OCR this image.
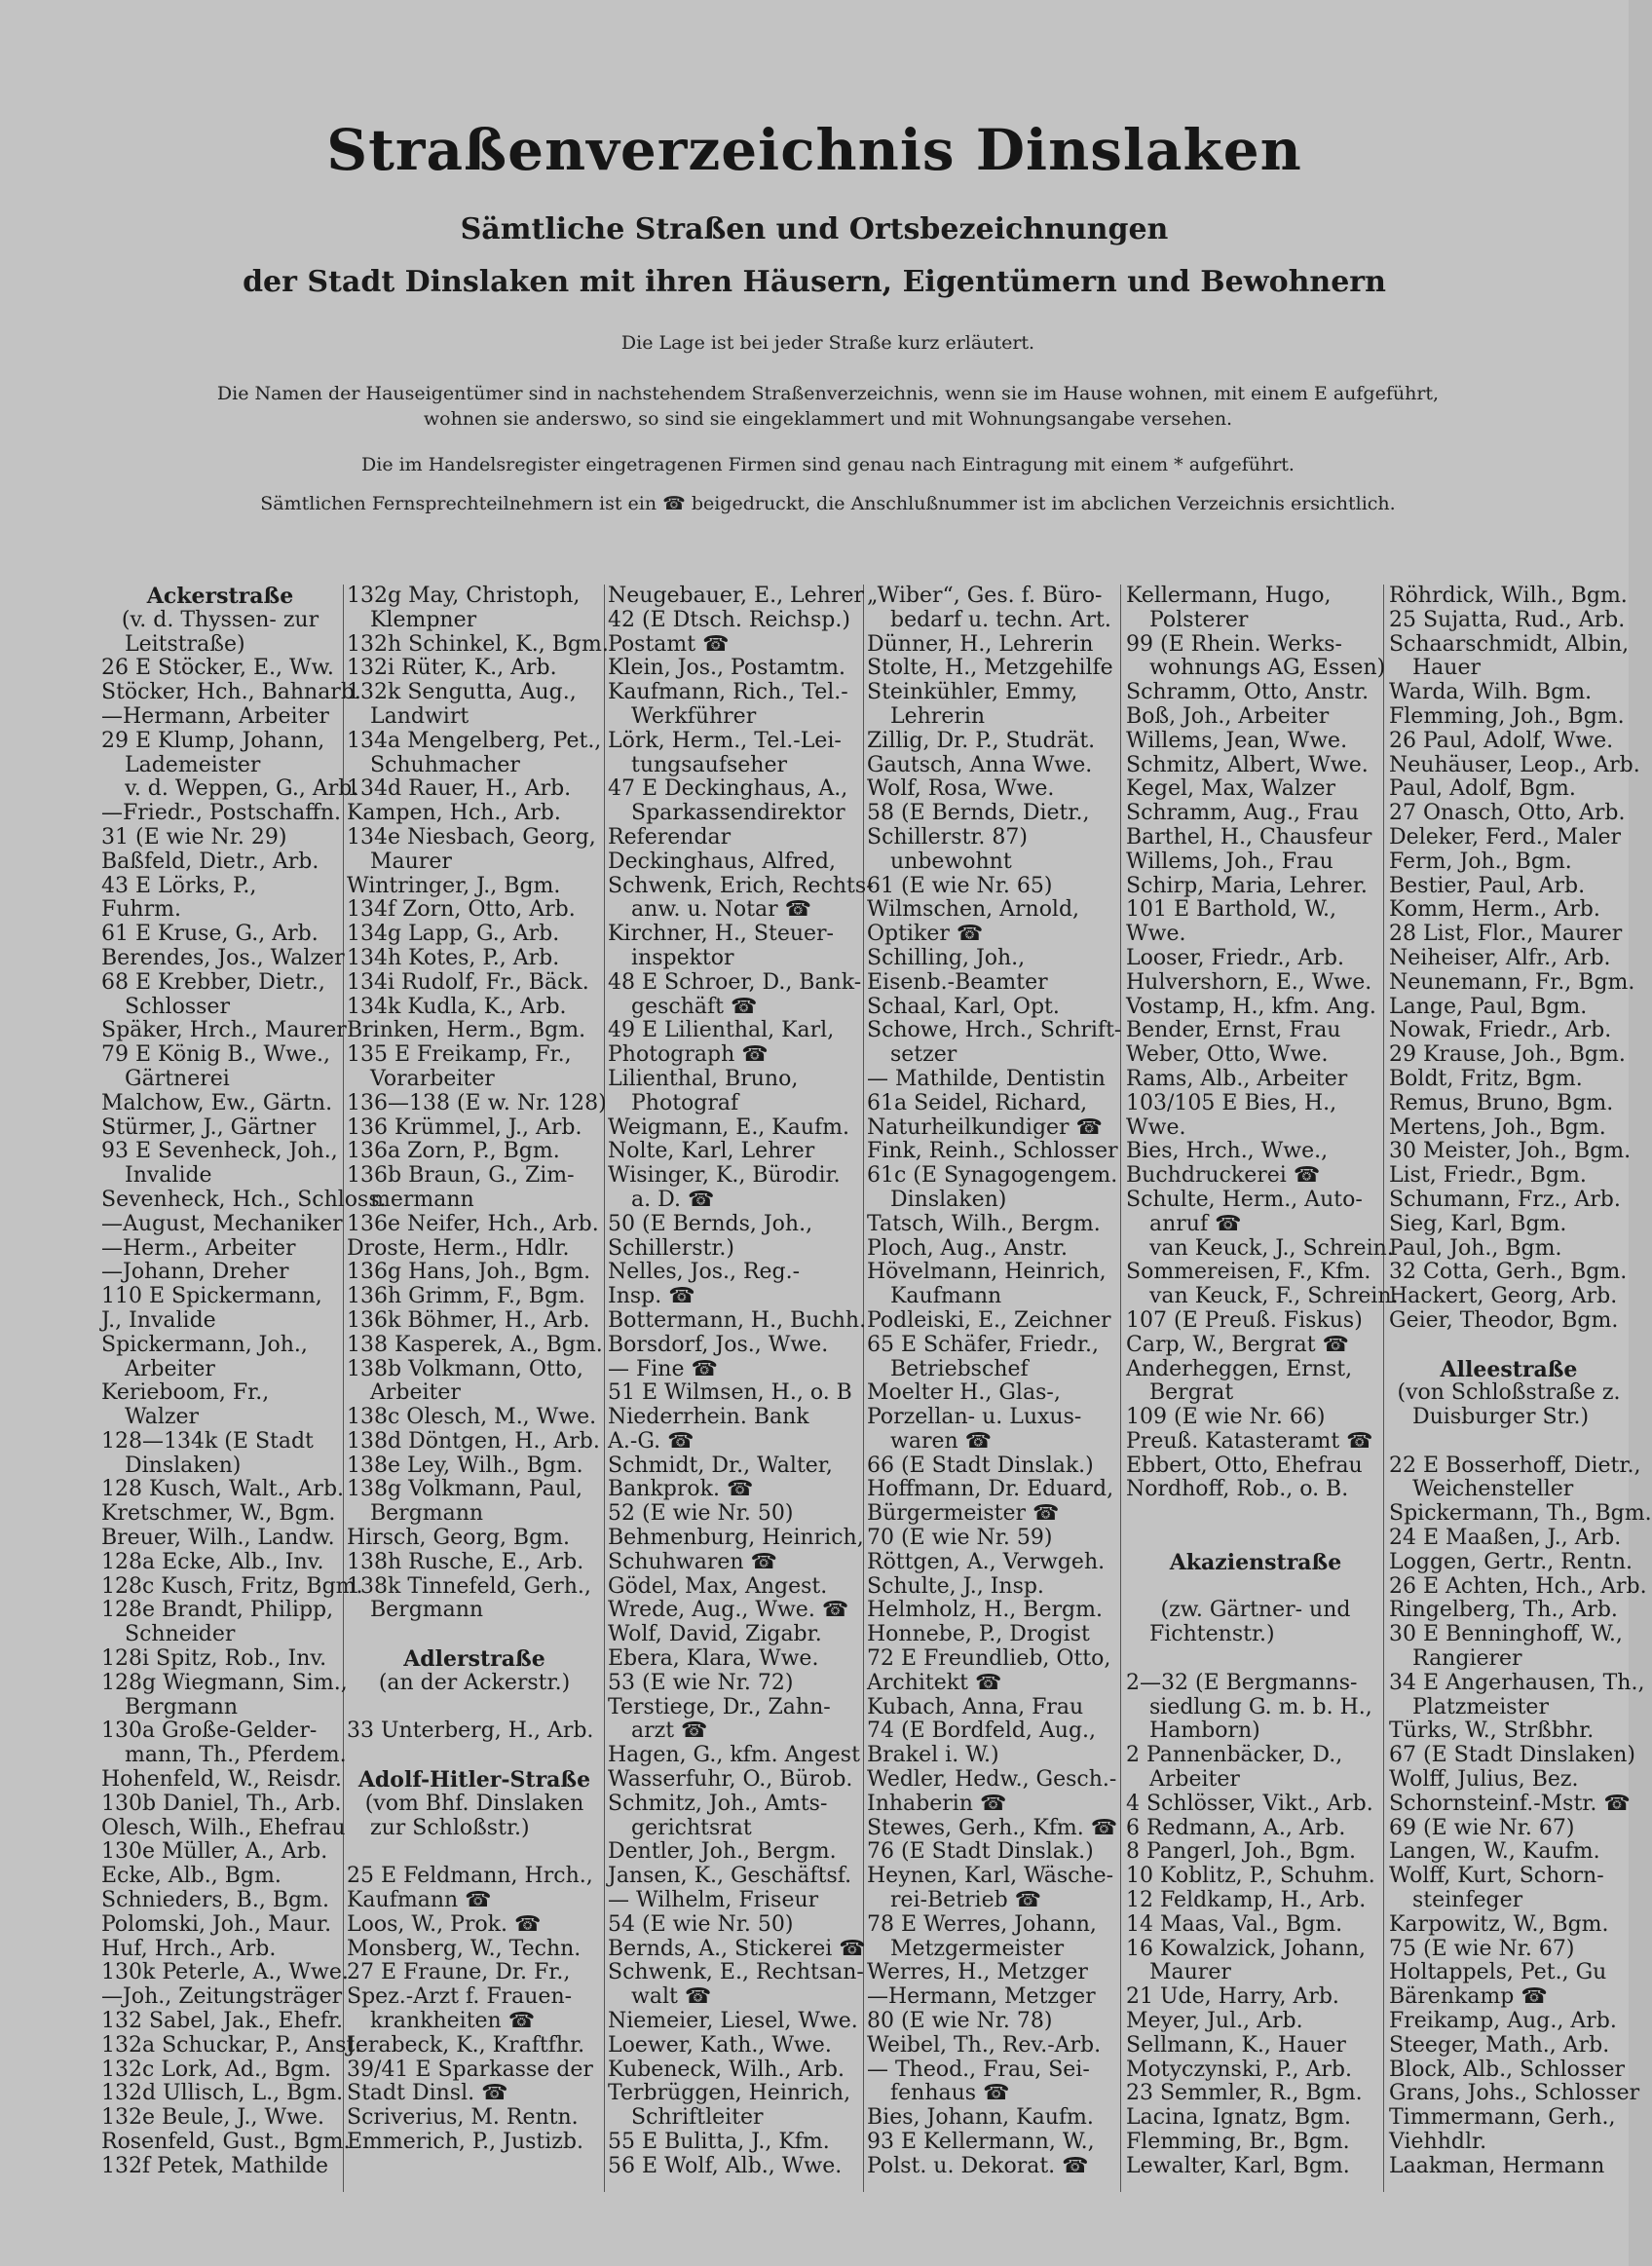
Straßenverzeichnis Dinslaken
Sämtliche Straßen und Ortsbezeichnungen
der Stadt Dinslaken mit ihren Häusern, Eigentümern und Bewohnern
Die Lage ist bei jeder Straße kurz erläutert.
Die Namen der Hauseigentümer sind in nachstehendem Straßenverzeichnis, wenn sie im Hause wohnen, mit einem E aufgeführt,
wohnen sie anderswo, so sind sie eingeklammert und mit Wohnungsangabe versehen.
Die im Handelsregister eingetragenen Firmen sind genau nach Eintragung mit einem * aufgeführt.
Sämtlichen Fernsprechteilnehmern ist ein ☎ beigedruckt, die Anschlußnummer ist im abclichen Verzeichnis ersichtlich.
Ackerstraße
(v. d. Thyssen- zur
Leitstraße)
26 E Stöcker, E., Ww.
Stöcker, Hch., Bahnarb.
—Hermann, Arbeiter
29 E Klump, Johann,
Lademeister
v. d. Weppen, G., Arb.
—Friedr., Postschaffn.
31 (E wie Nr. 29)
Baßfeld, Dietr., Arb.
43 E Lörks, P.,
Fuhrm.
61 E Kruse, G., Arb.
Berendes, Jos., Walzer
68 E Krebber, Dietr.,
Schlosser
Späker, Hrch., Maurer
79 E König B., Wwe.,
Gärtnerei
Malchow, Ew., Gärtn.
Stürmer, J., Gärtner
93 E Sevenheck, Joh.,
Invalide
Sevenheck, Hch., Schloss.
—August, Mechaniker
—Herm., Arbeiter
—Johann, Dreher
110 E Spickermann,
J., Invalide
Spickermann, Joh.,
Arbeiter
Kerieboom, Fr.,
Walzer
128—134k (E Stadt
Dinslaken)
128 Kusch, Walt., Arb.
Kretschmer, W., Bgm.
Breuer, Wilh., Landw.
128a Ecke, Alb., Inv.
128c Kusch, Fritz, Bgm.
128e Brandt, Philipp,
Schneider
128i Spitz, Rob., Inv.
128g Wiegmann, Sim.,
Bergmann
130a Große-Gelder-
mann, Th., Pferdem.
Hohenfeld, W., Reisdr.
130b Daniel, Th., Arb.
Olesch, Wilh., Ehefrau
130e Müller, A., Arb.
Ecke, Alb., Bgm.
Schnieders, B., Bgm.
Polomski, Joh., Maur.
Huf, Hrch., Arb.
130k Peterle, A., Wwe.
—Joh., Zeitungsträger
132 Sabel, Jak., Ehefr.
132a Schuckar, P., Anst.
132c Lork, Ad., Bgm.
132d Ullisch, L., Bgm.
132e Beule, J., Wwe.
Rosenfeld, Gust., Bgm.
132f Petek, Mathilde
132g May, Christoph,
Klempner
132h Schinkel, K., Bgm.
132i Rüter, K., Arb.
132k Sengutta, Aug.,
Landwirt
134a Mengelberg, Pet.,
Schuhmacher
134d Rauer, H., Arb.
Kampen, Hch., Arb.
134e Niesbach, Georg,
Maurer
Wintringer, J., Bgm.
134f Zorn, Otto, Arb.
134g Lapp, G., Arb.
134h Kotes, P., Arb.
134i Rudolf, Fr., Bäck.
134k Kudla, K., Arb.
Brinken, Herm., Bgm.
135 E Freikamp, Fr.,
Vorarbeiter
136—138 (E w. Nr. 128)
136 Krümmel, J., Arb.
136a Zorn, P., Bgm.
136b Braun, G., Zim-
mermann
136e Neifer, Hch., Arb.
Droste, Herm., Hdlr.
136g Hans, Joh., Bgm.
136h Grimm, F., Bgm.
136k Böhmer, H., Arb.
138 Kasperek, A., Bgm.
138b Volkmann, Otto,
Arbeiter
138c Olesch, M., Wwe.
138d Döntgen, H., Arb.
138e Ley, Wilh., Bgm.
138g Volkmann, Paul,
Bergmann
Hirsch, Georg, Bgm.
138h Rusche, E., Arb.
138k Tinnefeld, Gerh.,
Bergmann
Adlerstraße
(an der Ackerstr.)
33 Unterberg, H., Arb.
Adolf-Hitler-Straße
(vom Bhf. Dinslaken
zur Schloßstr.)
25 E Feldmann, Hrch.,
Kaufmann ☎
Loos, W., Prok. ☎
Monsberg, W., Techn.
27 E Fraune, Dr. Fr.,
Spez.-Arzt f. Frauen-
krankheiten ☎
Jerabeck, K., Kraftfhr.
39/41 E Sparkasse der
Stadt Dinsl. ☎
Scriverius, M. Rentn.
Emmerich, P., Justizb.
Neugebauer, E., Lehrer
42 (E Dtsch. Reichsp.)
Postamt ☎
Klein, Jos., Postamtm.
Kaufmann, Rich., Tel.-
Werkführer
Lörk, Herm., Tel.-Lei-
tungsaufseher
47 E Deckinghaus, A.,
Sparkassendirektor
Referendar
Deckinghaus, Alfred,
Schwenk, Erich, Rechts-
anw. u. Notar ☎
Kirchner, H., Steuer-
inspektor
48 E Schroer, D., Bank-
geschäft ☎
49 E Lilienthal, Karl,
Photograph ☎
Lilienthal, Bruno,
Photograf
Weigmann, E., Kaufm.
Nolte, Karl, Lehrer
Wisinger, K., Bürodir.
a. D. ☎
50 (E Bernds, Joh.,
Schillerstr.)
Nelles, Jos., Reg.-
Insp. ☎
Bottermann, H., Buchh.
Borsdorf, Jos., Wwe.
— Fine ☎
51 E Wilmsen, H., o. B
Niederrhein. Bank
A.-G. ☎
Schmidt, Dr., Walter,
Bankprok. ☎
52 (E wie Nr. 50)
Behmenburg, Heinrich,
Schuhwaren ☎
Gödel, Max, Angest.
Wrede, Aug., Wwe. ☎
Wolf, David, Zigabr.
Ebera, Klara, Wwe.
53 (E wie Nr. 72)
Terstiege, Dr., Zahn-
arzt ☎
Hagen, G., kfm. Angest
Wasserfuhr, O., Bürob.
Schmitz, Joh., Amts-
gerichtsrat
Dentler, Joh., Bergm.
Jansen, K., Geschäftsf.
— Wilhelm, Friseur
54 (E wie Nr. 50)
Bernds, A., Stickerei ☎
Schwenk, E., Rechtsan-
walt ☎
Niemeier, Liesel, Wwe.
Loewer, Kath., Wwe.
Kubeneck, Wilh., Arb.
Terbrüggen, Heinrich,
Schriftleiter
55 E Bulitta, J., Kfm.
56 E Wolf, Alb., Wwe.
„Wiber“, Ges. f. Büro-
bedarf u. techn. Art.
Dünner, H., Lehrerin
Stolte, H., Metzgehilfe
Steinkühler, Emmy,
Lehrerin
Zillig, Dr. P., Studrät.
Gautsch, Anna Wwe.
Wolf, Rosa, Wwe.
58 (E Bernds, Dietr.,
Schillerstr. 87)
unbewohnt
61 (E wie Nr. 65)
Wilmschen, Arnold,
Optiker ☎
Schilling, Joh.,
Eisenb.-Beamter
Schaal, Karl, Opt.
Schowe, Hrch., Schrift-
setzer
— Mathilde, Dentistin
61a Seidel, Richard,
Naturheilkundiger ☎
Fink, Reinh., Schlosser
61c (E Synagogengem.
Dinslaken)
Tatsch, Wilh., Bergm.
Ploch, Aug., Anstr.
Hövelmann, Heinrich,
Kaufmann
Podleiski, E., Zeichner
65 E Schäfer, Friedr.,
Betriebschef
Moelter H., Glas-,
Porzellan- u. Luxus-
waren ☎
66 (E Stadt Dinslak.)
Hoffmann, Dr. Eduard,
Bürgermeister ☎
70 (E wie Nr. 59)
Röttgen, A., Verwgeh.
Schulte, J., Insp.
Helmholz, H., Bergm.
Honnebe, P., Drogist
72 E Freundlieb, Otto,
Architekt ☎
Kubach, Anna, Frau
74 (E Bordfeld, Aug.,
Brakel i. W.)
Wedler, Hedw., Gesch.-
Inhaberin ☎
Stewes, Gerh., Kfm. ☎
76 (E Stadt Dinslak.)
Heynen, Karl, Wäsche-
rei-Betrieb ☎
78 E Werres, Johann,
Metzgermeister
Werres, H., Metzger
—Hermann, Metzger
80 (E wie Nr. 78)
Weibel, Th., Rev.-Arb.
— Theod., Frau, Sei-
fenhaus ☎
Bies, Johann, Kaufm.
93 E Kellermann, W.,
Polst. u. Dekorat. ☎
Kellermann, Hugo,
Polsterer
99 (E Rhein. Werks-
wohnungs AG, Essen)
Schramm, Otto, Anstr.
Boß, Joh., Arbeiter
Willems, Jean, Wwe.
Schmitz, Albert, Wwe.
Kegel, Max, Walzer
Schramm, Aug., Frau
Barthel, H., Chausfeur
Willems, Joh., Frau
Schirp, Maria, Lehrer.
101 E Barthold, W.,
Wwe.
Looser, Friedr., Arb.
Hulvershorn, E., Wwe.
Vostamp, H., kfm. Ang.
Bender, Ernst, Frau
Weber, Otto, Wwe.
Rams, Alb., Arbeiter
103/105 E Bies, H.,
Wwe.
Bies, Hrch., Wwe.,
Buchdruckerei ☎
Schulte, Herm., Auto-
anruf ☎
van Keuck, J., Schrein.
Sommereisen, F., Kfm.
van Keuck, F., Schrein.
107 (E Preuß. Fiskus)
Carp, W., Bergrat ☎
Anderheggen, Ernst,
Bergrat
109 (E wie Nr. 66)
Preuß. Katasteramt ☎
Ebbert, Otto, Ehefrau
Nordhoff, Rob., o. B.
Akazienstraße
(zw. Gärtner- und
Fichtenstr.)
2—32 (E Bergmanns-
siedlung G. m. b. H.,
Hamborn)
2 Pannenbäcker, D.,
Arbeiter
4 Schlösser, Vikt., Arb.
6 Redmann, A., Arb.
8 Pangerl, Joh., Bgm.
10 Koblitz, P., Schuhm.
12 Feldkamp, H., Arb.
14 Maas, Val., Bgm.
16 Kowalzick, Johann,
Maurer
21 Ude, Harry, Arb.
Meyer, Jul., Arb.
Sellmann, K., Hauer
Motyczynski, P., Arb.
23 Semmler, R., Bgm.
Lacina, Ignatz, Bgm.
Flemming, Br., Bgm.
Lewalter, Karl, Bgm.
Röhrdick, Wilh., Bgm.
25 Sujatta, Rud., Arb.
Schaarschmidt, Albin,
Hauer
Warda, Wilh. Bgm.
Flemming, Joh., Bgm.
26 Paul, Adolf, Wwe.
Neuhäuser, Leop., Arb.
Paul, Adolf, Bgm.
27 Onasch, Otto, Arb.
Deleker, Ferd., Maler
Ferm, Joh., Bgm.
Bestier, Paul, Arb.
Komm, Herm., Arb.
28 List, Flor., Maurer
Neiheiser, Alfr., Arb.
Neunemann, Fr., Bgm.
Lange, Paul, Bgm.
Nowak, Friedr., Arb.
29 Krause, Joh., Bgm.
Boldt, Fritz, Bgm.
Remus, Bruno, Bgm.
Mertens, Joh., Bgm.
30 Meister, Joh., Bgm.
List, Friedr., Bgm.
Schumann, Frz., Arb.
Sieg, Karl, Bgm.
Paul, Joh., Bgm.
32 Cotta, Gerh., Bgm.
Hackert, Georg, Arb.
Geier, Theodor, Bgm.
Alleestraße
(von Schloßstraße z.
Duisburger Str.)
22 E Bosserhoff, Dietr.,
Weichensteller
Spickermann, Th., Bgm.
24 E Maaßen, J., Arb.
Loggen, Gertr., Rentn.
26 E Achten, Hch., Arb.
Ringelberg, Th., Arb.
30 E Benninghoff, W.,
Rangierer
34 E Angerhausen, Th.,
Platzmeister
Türks, W., Strßbhr.
67 (E Stadt Dinslaken)
Wolff, Julius, Bez.
Schornsteinf.-Mstr. ☎
69 (E wie Nr. 67)
Langen, W., Kaufm.
Wolff, Kurt, Schorn-
steinfeger
Karpowitz, W., Bgm.
75 (E wie Nr. 67)
Holtappels, Pet., Gu
Bärenkamp ☎
Freikamp, Aug., Arb.
Steeger, Math., Arb.
Block, Alb., Schlosser
Grans, Johs., Schlosser
Timmermann, Gerh.,
Viehhdlr.
Laakman, Hermann
